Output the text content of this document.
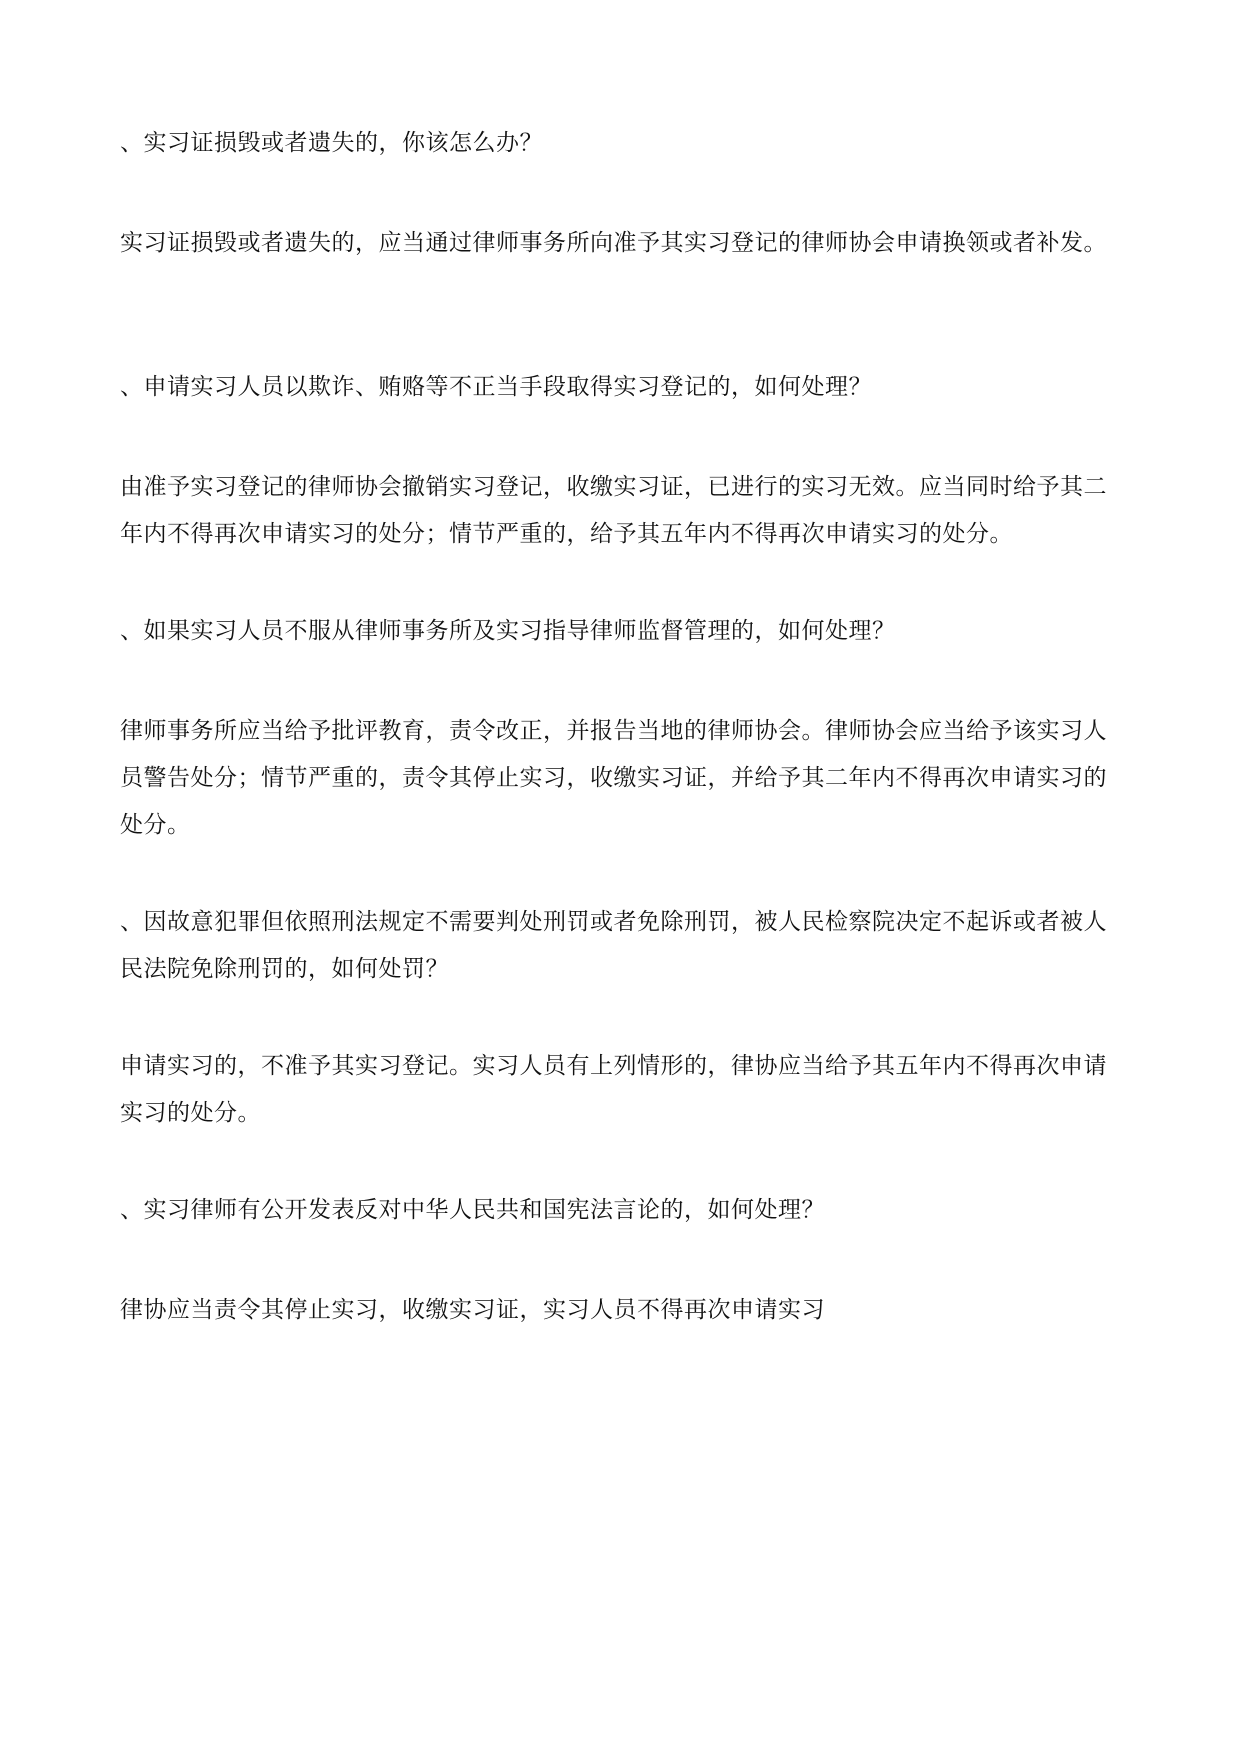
、实习证损毁或者遗失的，你该怎么办？

实习证损毁或者遗失的，应当通过律师事务所向准予其实习登记的律师协会申请换领或者补发。

、申请实习人员以欺诈、贿赂等不正当手段取得实习登记的，如何处理？

由准予实习登记的律师协会撤销实习登记，收缴实习证，已进行的实习无效。应当同时给予其二年内不得再次申请实习的处分；情节严重的，给予其五年内不得再次申请实习的处分。

、如果实习人员不服从律师事务所及实习指导律师监督管理的，如何处理？

律师事务所应当给予批评教育，责令改正，并报告当地的律师协会。律师协会应当给予该实习人员警告处分；情节严重的，责令其停止实习，收缴实习证，并给予其二年内不得再次申请实习的处分。

、因故意犯罪但依照刑法规定不需要判处刑罚或者免除刑罚，被人民检察院决定不起诉或者被人民法院免除刑罚的，如何处罚？

申请实习的，不准予其实习登记。实习人员有上列情形的，律协应当给予其五年内不得再次申请实习的处分。

、实习律师有公开发表反对中华人民共和国宪法言论的，如何处理？

律协应当责令其停止实习，收缴实习证，实习人员不得再次申请实习
